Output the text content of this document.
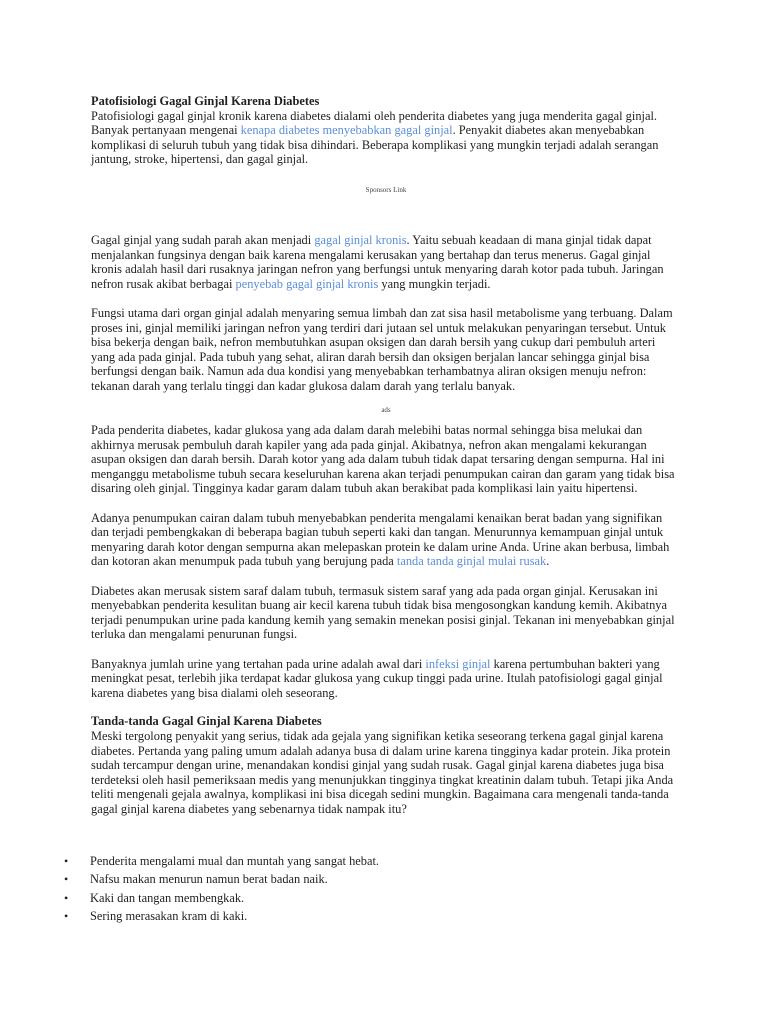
Patofisiologi Gagal Ginjal Karena Diabetes

Patofisiologi gagal ginjal kronik karena diabetes dialami oleh penderita diabetes yang juga menderita gagal ginjal. Banyak pertanyaan mengenai kenapa diabetes menyebabkan gagal ginjal. Penyakit diabetes akan menyebabkan komplikasi di seluruh tubuh yang tidak bisa dihindari. Beberapa komplikasi yang mungkin terjadi adalah serangan jantung, stroke, hipertensi, dan gagal ginjal.

Sponsors Link

Gagal ginjal yang sudah parah akan menjadi gagal ginjal kronis. Yaitu sebuah keadaan di mana ginjal tidak dapat menjalankan fungsinya dengan baik karena mengalami kerusakan yang bertahap dan terus menerus. Gagal ginjal kronis adalah hasil dari rusaknya jaringan nefron yang berfungsi untuk menyaring darah kotor pada tubuh. Jaringan nefron rusak akibat berbagai penyebab gagal ginjal kronis yang mungkin terjadi.

Fungsi utama dari organ ginjal adalah menyaring semua limbah dan zat sisa hasil metabolisme yang terbuang. Dalam proses ini, ginjal memiliki jaringan nefron yang terdiri dari jutaan sel untuk melakukan penyaringan tersebut. Untuk bisa bekerja dengan baik, nefron membutuhkan asupan oksigen dan darah bersih yang cukup dari pembuluh arteri yang ada pada ginjal. Pada tubuh yang sehat, aliran darah bersih dan oksigen berjalan lancar sehingga ginjal bisa berfungsi dengan baik. Namun ada dua kondisi yang menyebabkan terhambatnya aliran oksigen menuju nefron: tekanan darah yang terlalu tinggi dan kadar glukosa dalam darah yang terlalu banyak.

ads

Pada penderita diabetes, kadar glukosa yang ada dalam darah melebihi batas normal sehingga bisa melukai dan akhirnya merusak pembuluh darah kapiler yang ada pada ginjal. Akibatnya, nefron akan mengalami kekurangan asupan oksigen dan darah bersih. Darah kotor yang ada dalam tubuh tidak dapat tersaring dengan sempurna. Hal ini menganggu metabolisme tubuh secara keseluruhan karena akan terjadi penumpukan cairan dan garam yang tidak bisa disaring oleh ginjal. Tingginya kadar garam dalam tubuh akan berakibat pada komplikasi lain yaitu hipertensi.

Adanya penumpukan cairan dalam tubuh menyebabkan penderita mengalami kenaikan berat badan yang signifikan dan terjadi pembengkakan di beberapa bagian tubuh seperti kaki dan tangan. Menurunnya kemampuan ginjal untuk menyaring darah kotor dengan sempurna akan melepaskan protein ke dalam urine Anda. Urine akan berbusa, limbah dan kotoran akan menumpuk pada tubuh yang berujung pada tanda tanda ginjal mulai rusak.

Diabetes akan merusak sistem saraf dalam tubuh, termasuk sistem saraf yang ada pada organ ginjal. Kerusakan ini menyebabkan penderita kesulitan buang air kecil karena tubuh tidak bisa mengosongkan kandung kemih. Akibatnya terjadi penumpukan urine pada kandung kemih yang semakin menekan posisi ginjal. Tekanan ini menyebabkan ginjal terluka dan mengalami penurunan fungsi.

Banyaknya jumlah urine yang tertahan pada urine adalah awal dari infeksi ginjal karena pertumbuhan bakteri yang meningkat pesat, terlebih jika terdapat kadar glukosa yang cukup tinggi pada urine. Itulah patofisiologi gagal ginjal karena diabetes yang bisa dialami oleh seseorang.

Tanda-tanda Gagal Ginjal Karena Diabetes

Meski tergolong penyakit yang serius, tidak ada gejala yang signifikan ketika seseorang terkena gagal ginjal karena diabetes. Pertanda yang paling umum adalah adanya busa di dalam urine karena tingginya kadar protein. Jika protein sudah tercampur dengan urine, menandakan kondisi ginjal yang sudah rusak. Gagal ginjal karena diabetes juga bisa terdeteksi oleh hasil pemeriksaan medis yang menunjukkan tingginya tingkat kreatinin dalam tubuh. Tetapi jika Anda teliti mengenali gejala awalnya, komplikasi ini bisa dicegah sedini mungkin. Bagaimana cara mengenali tanda-tanda gagal ginjal karena diabetes yang sebenarnya tidak nampak itu?

• Penderita mengalami mual dan muntah yang sangat hebat.
• Nafsu makan menurun namun berat badan naik.
• Kaki dan tangan membengkak.
• Sering merasakan kram di kaki.
